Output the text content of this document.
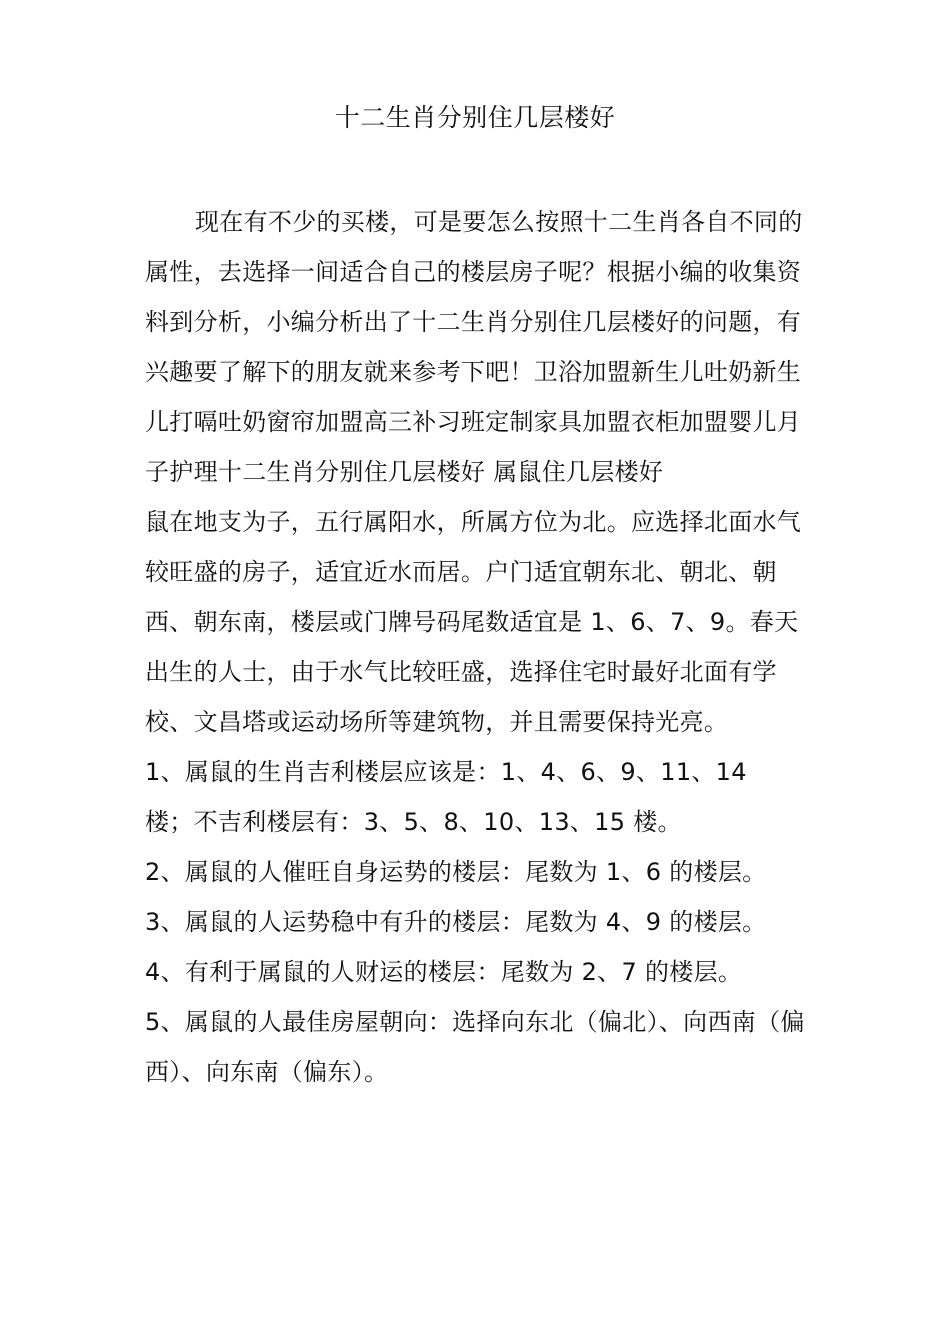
十二生肖分别住几层楼好

现在有不少的买楼，可是要怎么按照十二生肖各自不同的属性，去选择一间适合自己的楼层房子呢？根据小编的收集资料到分析，小编分析出了十二生肖分别住几层楼好的问题，有兴趣要了解下的朋友就来参考下吧！卫浴加盟新生儿吐奶新生儿打嗝吐奶窗帘加盟高三补习班定制家具加盟衣柜加盟婴儿月子护理十二生肖分别住几层楼好 属鼠住几层楼好

鼠在地支为子，五行属阳水，所属方位为北。应选择北面水气较旺盛的房子，适宜近水而居。户门适宜朝东北、朝北、朝西、朝东南，楼层或门牌号码尾数适宜是 1、6、7、9。春天出生的人士，由于水气比较旺盛，选择住宅时最好北面有学校、文昌塔或运动场所等建筑物，并且需要保持光亮。

1、属鼠的生肖吉利楼层应该是：1、4、6、9、11、14

楼；不吉利楼层有：3、5、8、10、13、15 楼。

2、属鼠的人催旺自身运势的楼层：尾数为 1、6 的楼层。

3、属鼠的人运势稳中有升的楼层：尾数为 4、9 的楼层。

4、有利于属鼠的人财运的楼层：尾数为 2、7 的楼层。

5、属鼠的人最佳房屋朝向：选择向东北（偏北）、向西南（偏西）、向东南（偏东）。
